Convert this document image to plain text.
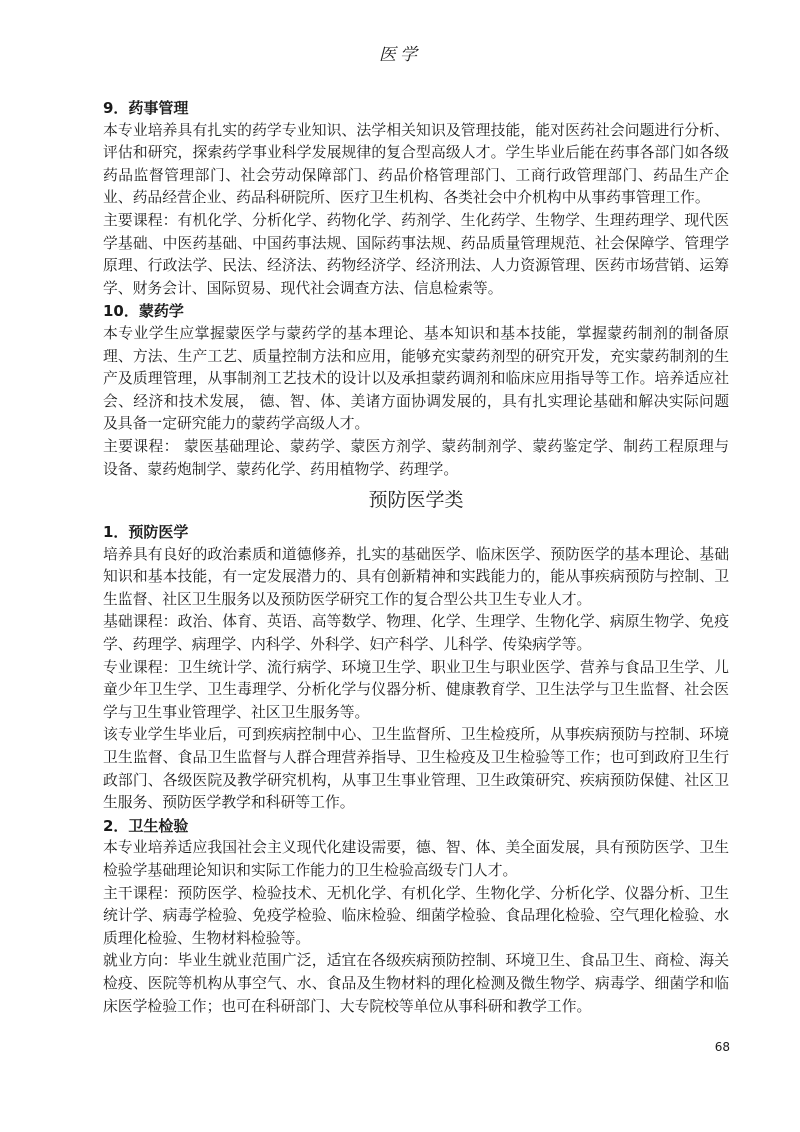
医学
9．药事管理

本专业培养具有扎实的药学专业知识、法学相关知识及管理技能，能对医药社会问题进行分析、评估和研究，探索药学事业科学发展规律的复合型高级人才。学生毕业后能在药事各部门如各级药品监督管理部门、社会劳动保障部门、药品价格管理部门、工商行政管理部门、药品生产企业、药品经营企业、药品科研院所、医疗卫生机构、各类社会中介机构中从事药事管理工作。

主要课程：有机化学、分析化学、药物化学、药剂学、生化药学、生物学、生理药理学、现代医学基础、中医药基础、中国药事法规、国际药事法规、药品质量管理规范、社会保障学、管理学原理、行政法学、民法、经济法、药物经济学、经济刑法、人力资源管理、医药市场营销、运筹学、财务会计、国际贸易、现代社会调查方法、信息检索等。

10．蒙药学

本专业学生应掌握蒙医学与蒙药学的基本理论、基本知识和基本技能，掌握蒙药制剂的制备原理、方法、生产工艺、质量控制方法和应用，能够充实蒙药剂型的研究开发，充实蒙药制剂的生产及质理管理，从事制剂工艺技术的设计以及承担蒙药调剂和临床应用指导等工作。培养适应社会、经济和技术发展， 德、智、体、美诸方面协调发展的，具有扎实理论基础和解决实际问题及具备一定研究能力的蒙药学高级人才。

主要课程： 蒙医基础理论、蒙药学、蒙医方剂学、蒙药制剂学、蒙药鉴定学、制药工程原理与设备、蒙药炮制学、蒙药化学、药用植物学、药理学。

预防医学类
1．预防医学

培养具有良好的政治素质和道德修养，扎实的基础医学、临床医学、预防医学的基本理论、基础知识和基本技能，有一定发展潜力的、具有创新精神和实践能力的，能从事疾病预防与控制、卫生监督、社区卫生服务以及预防医学研究工作的复合型公共卫生专业人才。

基础课程：政治、体育、英语、高等数学、物理、化学、生理学、生物化学、病原生物学、免疫学、药理学、病理学、内科学、外科学、妇产科学、儿科学、传染病学等。

专业课程：卫生统计学、流行病学、环境卫生学、职业卫生与职业医学、营养与食品卫生学、儿童少年卫生学、卫生毒理学、分析化学与仪器分析、健康教育学、卫生法学与卫生监督、社会医学与卫生事业管理学、社区卫生服务等。

该专业学生毕业后，可到疾病控制中心、卫生监督所、卫生检疫所，从事疾病预防与控制、环境卫生监督、食品卫生监督与人群合理营养指导、卫生检疫及卫生检验等工作；也可到政府卫生行政部门、各级医院及教学研究机构，从事卫生事业管理、卫生政策研究、疾病预防保健、社区卫生服务、预防医学教学和科研等工作。

2．卫生检验

本专业培养适应我国社会主义现代化建设需要，德、智、体、美全面发展，具有预防医学、卫生检验学基础理论知识和实际工作能力的卫生检验高级专门人才。

主干课程：预防医学、检验技术、无机化学、有机化学、生物化学、分析化学、仪器分析、卫生统计学、病毒学检验、免疫学检验、临床检验、细菌学检验、食品理化检验、空气理化检验、水质理化检验、生物材料检验等。

就业方向：毕业生就业范围广泛，适宜在各级疾病预防控制、环境卫生、食品卫生、商检、海关检疫、医院等机构从事空气、水、食品及生物材料的理化检测及微生物学、病毒学、细菌学和临床医学检验工作；也可在科研部门、大专院校等单位从事科研和教学工作。

68
